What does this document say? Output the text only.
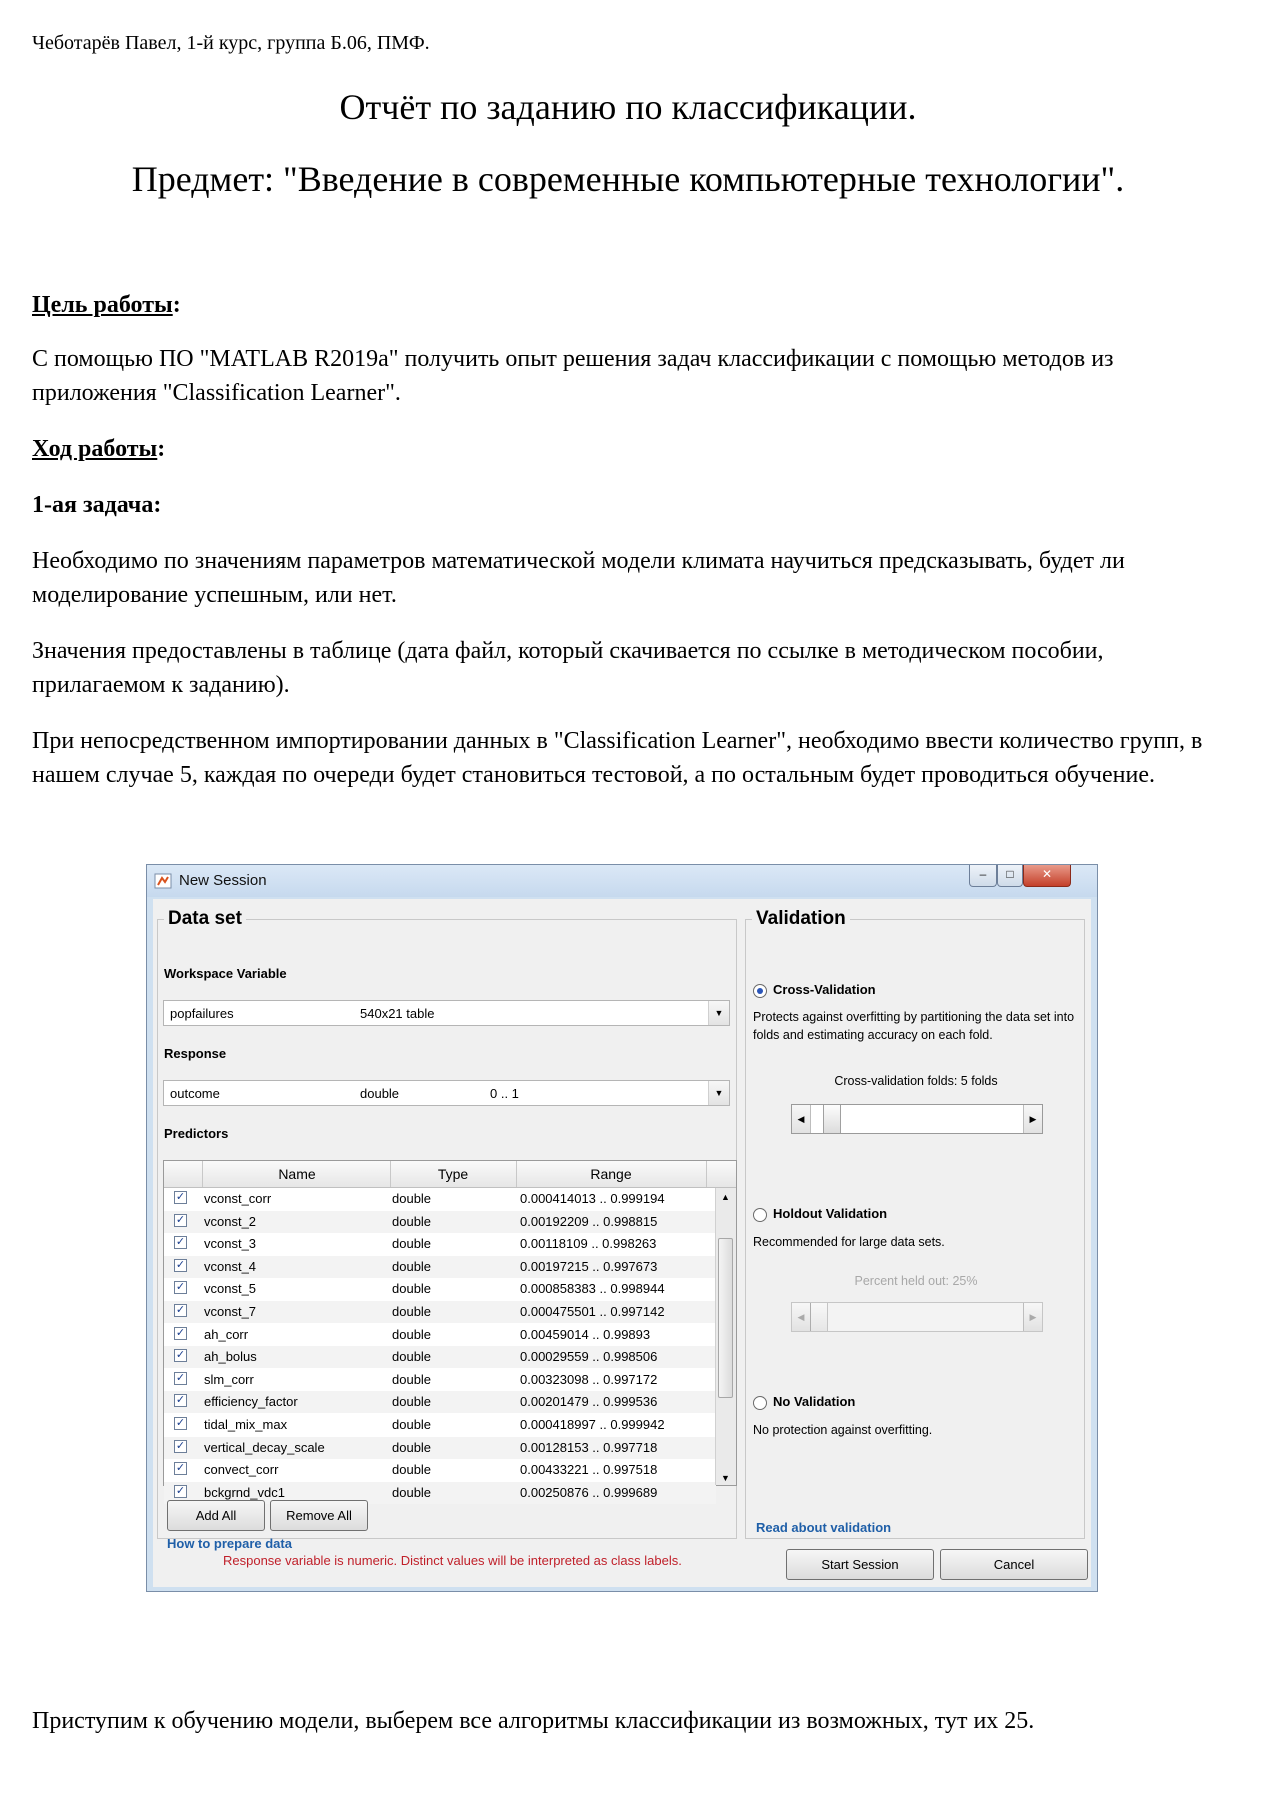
Чеботарёв Павел, 1-й курс, группа Б.06, ПМФ.
Отчёт по заданию по классификации.
Предмет: "Введение в современные компьютерные технологии".
Цель работы:
С помощью ПО "MATLAB R2019a" получить опыт решения задач классификации с помощью методов из приложения "Classification Learner".
Ход работы:
1-ая задача:
Необходимо по значениям параметров математической модели климата научиться предсказывать, будет ли моделирование успешным, или нет.
Значения предоставлены в таблице (дата файл, который скачивается по ссылке в методическом пособии, прилагаемом к заданию).
При непосредственном импортировании данных в "Classification Learner", необходимо ввести количество групп, в нашем случае 5, каждая по очереди будет становиться тестовой, а по остальным будет проводиться обучение.
New Session	–	□	✕
Data set
Workspace Variable
popfailures	540x21 table	▼
Response
outcome	double	0 .. 1	▼
Predictors
Name	Type	Range
✓ vconst_corr	double	0.000414013 .. 0.999194
✓ vconst_2	double	0.00192209 .. 0.998815
✓ vconst_3	double	0.00118109 .. 0.998263
✓ vconst_4	double	0.00197215 .. 0.997673
✓ vconst_5	double	0.000858383 .. 0.998944
✓ vconst_7	double	0.000475501 .. 0.997142
✓ ah_corr	double	0.00459014 .. 0.99893
✓ ah_bolus	double	0.00029559 .. 0.998506
✓ slm_corr	double	0.00323098 .. 0.997172
✓ efficiency_factor	double	0.00201479 .. 0.999536
✓ tidal_mix_max	double	0.000418997 .. 0.999942
✓ vertical_decay_scale	double	0.00128153 .. 0.997718
✓ convect_corr	double	0.00433221 .. 0.997518
✓ bckgrnd_vdc1	double	0.00250876 .. 0.999689
▲
▼
Add All	Remove All
How to prepare data
Validation
Cross-Validation
Protects against overfitting by partitioning the data set into folds and estimating accuracy on each fold.
Cross-validation folds: 5 folds
◀	▶
Holdout Validation
Recommended for large data sets.
Percent held out: 25%
◀	▶
No Validation
No protection against overfitting.
Read about validation
Response variable is numeric. Distinct values will be interpreted as class labels.	Start Session	Cancel
Приступим к обучению модели, выберем все алгоритмы классификации из возможных, тут их 25.
